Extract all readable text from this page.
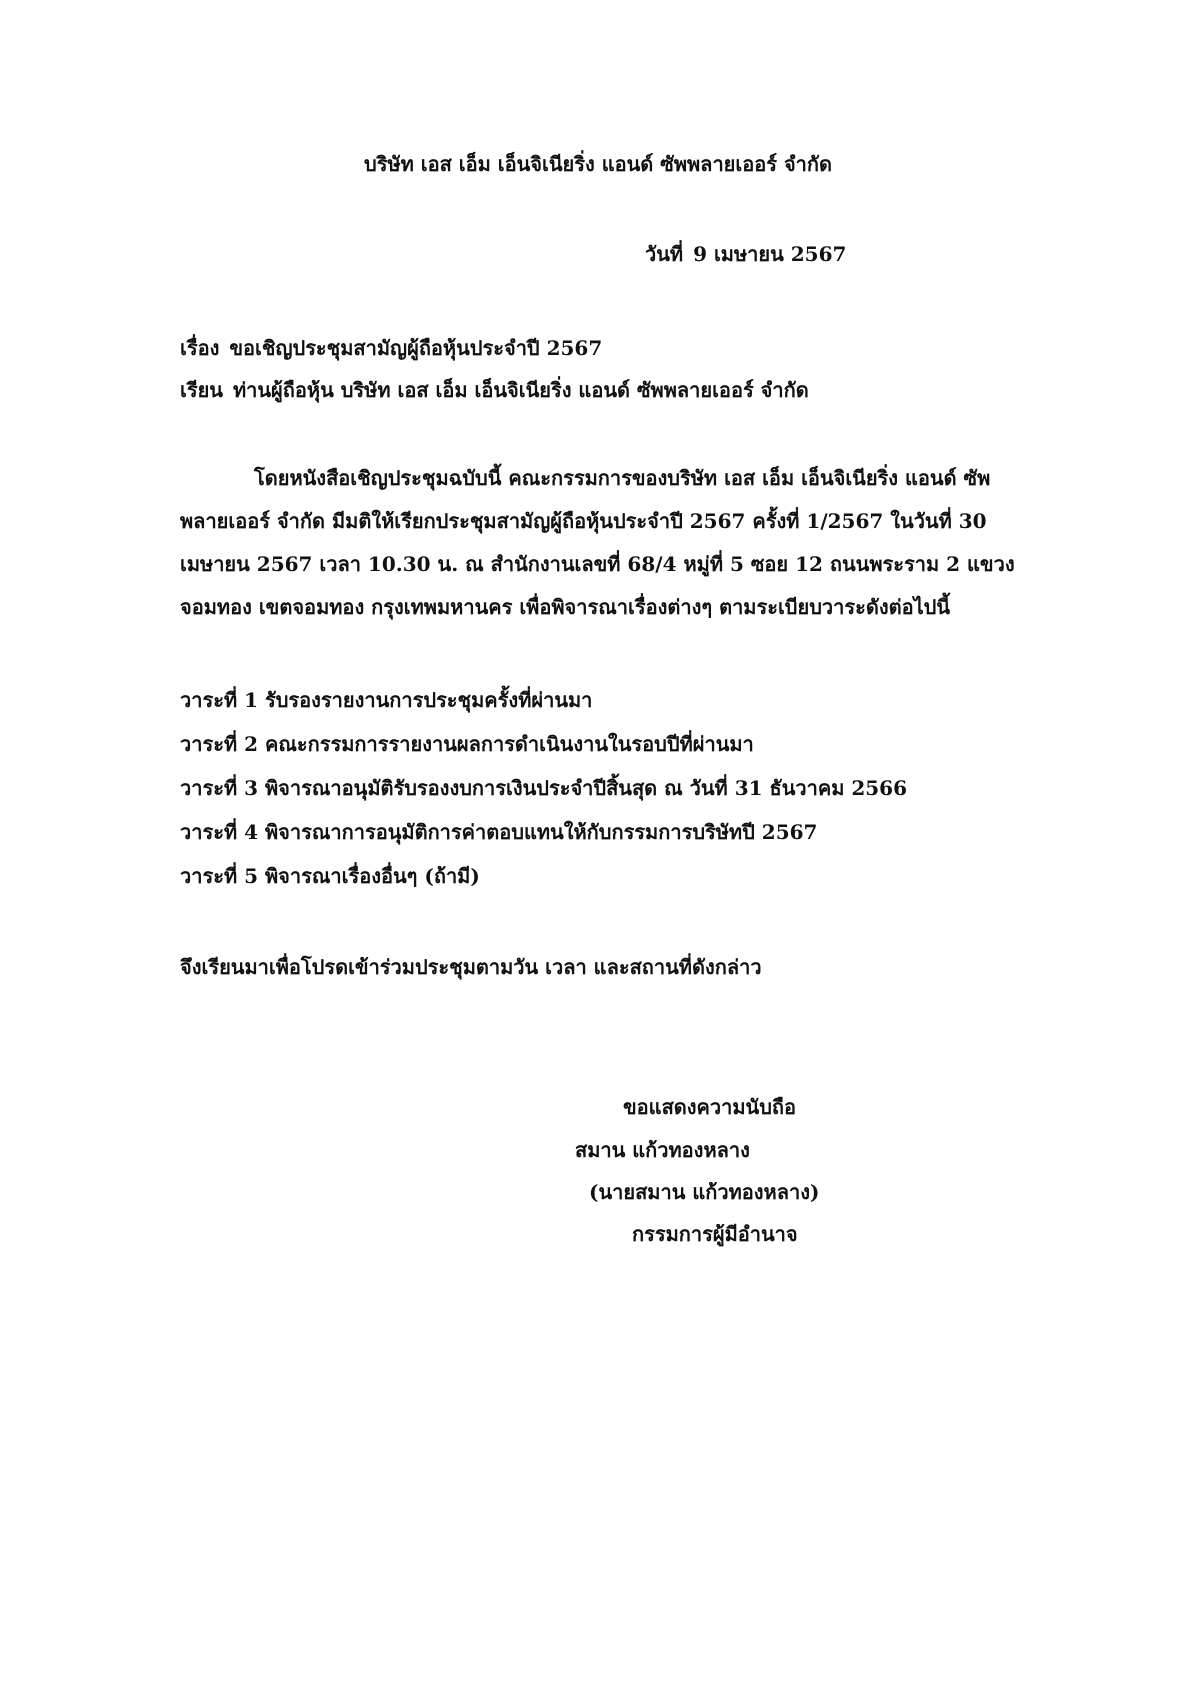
บริษัท เอส เอ็ม เอ็นจิเนียริ่ง แอนด์ ซัพพลายเออร์ จำกัด
วันที่ 9 เมษายน 2567
เรื่อง ขอเชิญประชุมสามัญผู้ถือหุ้นประจำปี 2567
เรียน ท่านผู้ถือหุ้น บริษัท เอส เอ็ม เอ็นจิเนียริ่ง แอนด์ ซัพพลายเออร์ จำกัด
โดยหนังสือเชิญประชุมฉบับนี้ คณะกรรมการของบริษัท เอส เอ็ม เอ็นจิเนียริ่ง แอนด์ ซัพ
พลายเออร์ จำกัด มีมติให้เรียกประชุมสามัญผู้ถือหุ้นประจำปี 2567 ครั้งที่ 1/2567 ในวันที่ 30
เมษายน 2567 เวลา 10.30 น. ณ สำนักงานเลขที่ 68/4 หมู่ที่ 5 ซอย 12 ถนนพระราม 2 แขวง
จอมทอง เขตจอมทอง กรุงเทพมหานคร เพื่อพิจารณาเรื่องต่างๆ ตามระเบียบวาระดังต่อไปนี้
วาระที่ 1 รับรองรายงานการประชุมครั้งที่ผ่านมา
วาระที่ 2 คณะกรรมการรายงานผลการดำเนินงานในรอบปีที่ผ่านมา
วาระที่ 3 พิจารณาอนุมัติรับรองงบการเงินประจำปีสิ้นสุด ณ วันที่ 31 ธันวาคม 2566
วาระที่ 4 พิจารณาการอนุมัติการค่าตอบแทนให้กับกรรมการบริษัทปี 2567
วาระที่ 5 พิจารณาเรื่องอื่นๆ (ถ้ามี)
จึงเรียนมาเพื่อโปรดเข้าร่วมประชุมตามวัน เวลา และสถานที่ดังกล่าว
ขอแสดงความนับถือ
สมาน แก้วทองหลาง
(นายสมาน แก้วทองหลาง)
กรรมการผู้มีอำนาจ
